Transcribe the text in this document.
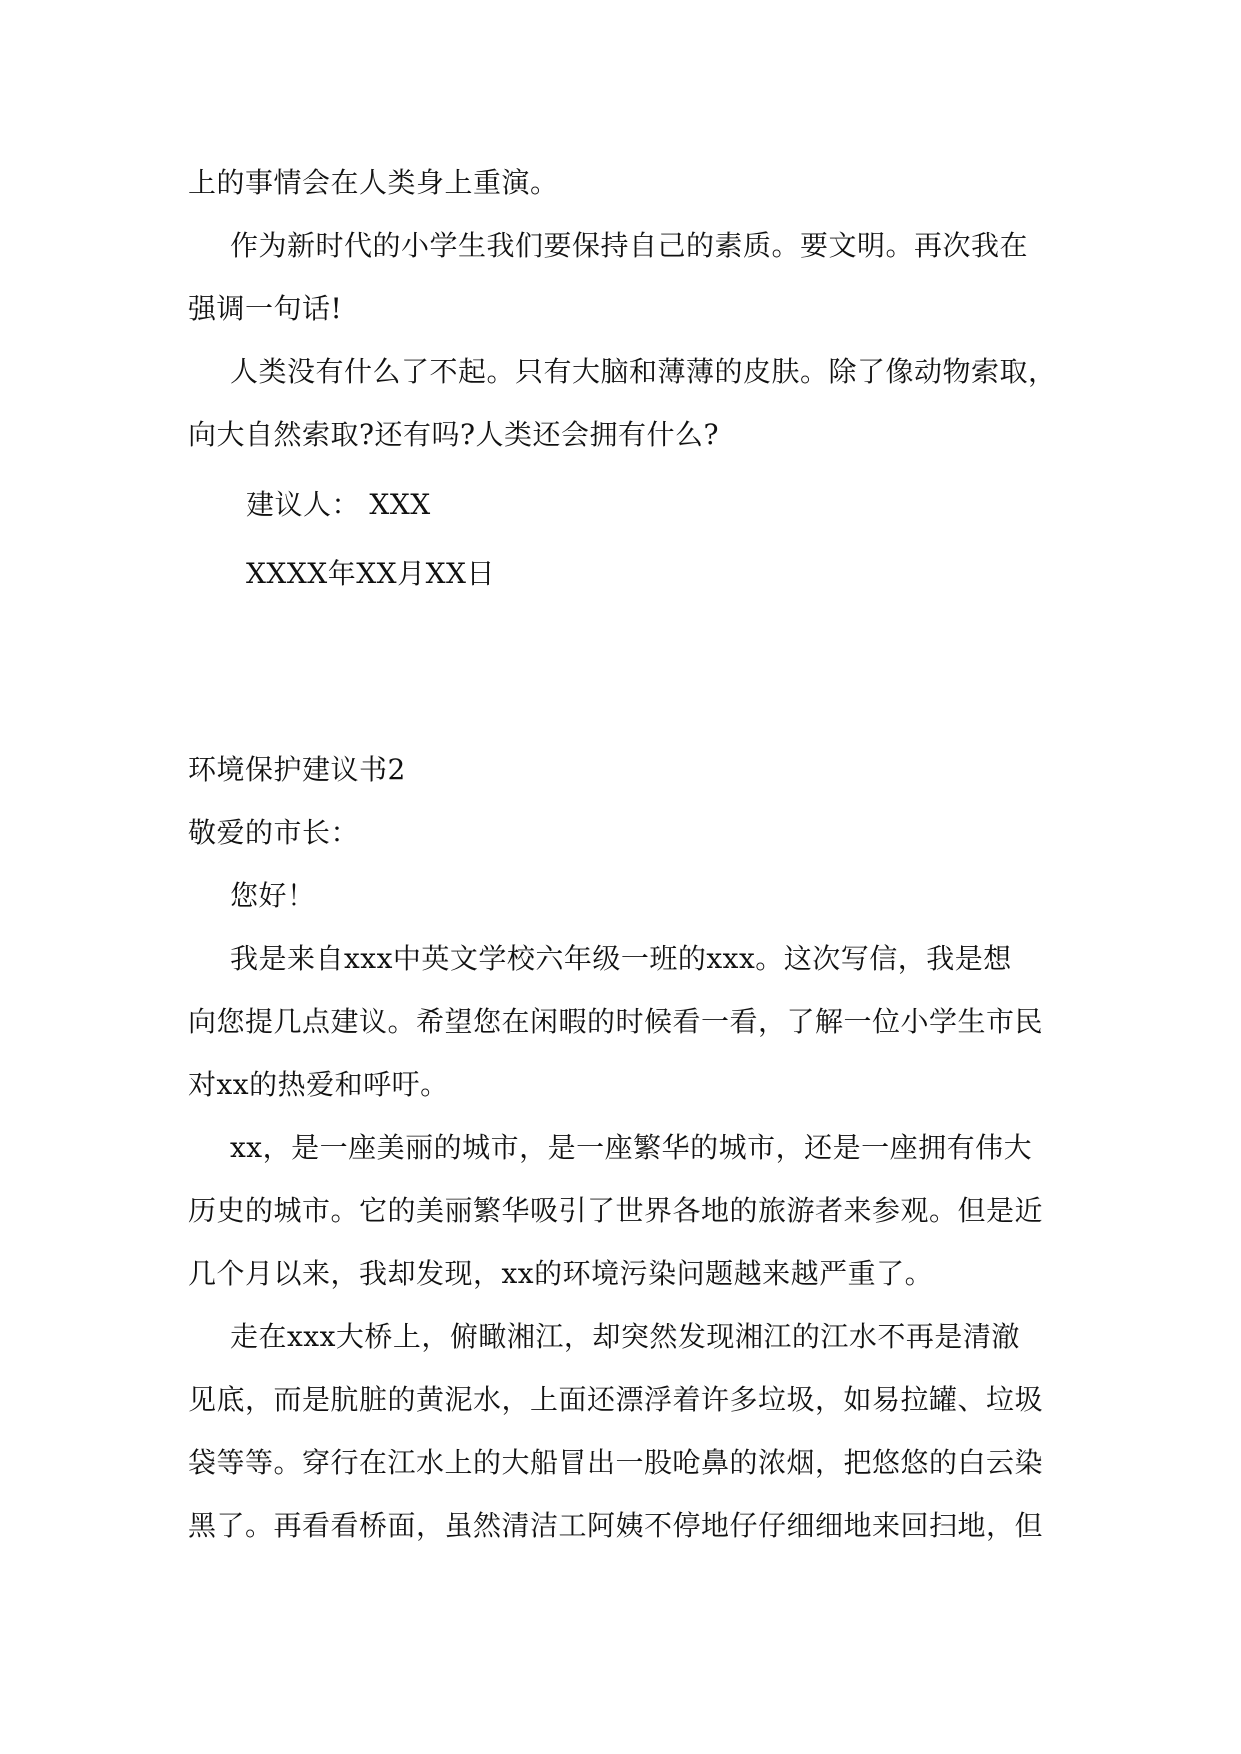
上的事情会在人类身上重演。
作为新时代的小学生我们要保持自己的素质。要文明。再次我在
强调一句话!
人类没有什么了不起。只有大脑和薄薄的皮肤。除了像动物索取，
向大自然索取?还有吗?人类还会拥有什么?
建议人： XXX
XXXX年XX月XX日
环境保护建议书2
敬爱的市长：
您好！
我是来自xxx中英文学校六年级一班的xxx。这次写信，我是想
向您提几点建议。希望您在闲暇的时候看一看，了解一位小学生市民
对xx的热爱和呼吁。
xx，是一座美丽的城市，是一座繁华的城市，还是一座拥有伟大
历史的城市。它的美丽繁华吸引了世界各地的旅游者来参观。但是近
几个月以来，我却发现，xx的环境污染问题越来越严重了。
走在xxx大桥上，俯瞰湘江，却突然发现湘江的江水不再是清澈
见底，而是肮脏的黄泥水，上面还漂浮着许多垃圾，如易拉罐、垃圾
袋等等。穿行在江水上的大船冒出一股呛鼻的浓烟，把悠悠的白云染
黑了。再看看桥面，虽然清洁工阿姨不停地仔仔细细地来回扫地，但
